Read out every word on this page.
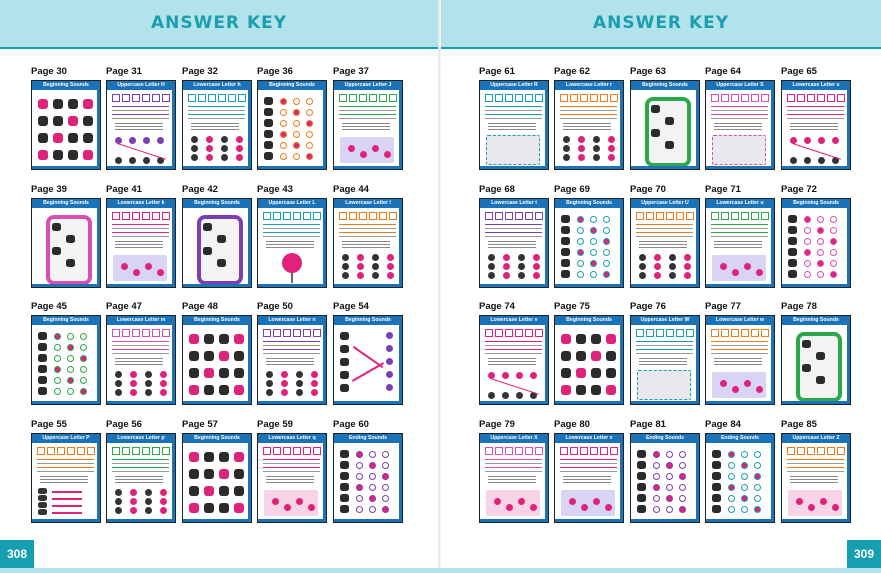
ANSWER KEY
Page 30
Beginning Sounds
Page 31
Uppercase Letter H
Page 32
Lowercase Letter h
Page 36
Beginning Sounds
Page 37
Uppercase Letter J
Page 39
Beginning Sounds
Page 41
Lowercase Letter k
Page 42
Beginning Sounds
Page 43
Uppercase Letter L
Page 44
Lowercase Letter l
Page 45
Beginning Sounds
Page 47
Lowercase Letter m
Page 48
Beginning Sounds
Page 50
Lowercase Letter n
Page 54
Beginning Sounds
Page 55
Uppercase Letter P
Page 56
Lowercase Letter p
Page 57
Beginning Sounds
Page 59
Lowercase Letter q
Page 60
Ending Sounds
308
ANSWER KEY
Page 61
Uppercase Letter R
Page 62
Lowercase Letter r
Page 63
Beginning Sounds
Page 64
Uppercase Letter S
Page 65
Lowercase Letter s
Page 68
Lowercase Letter t
Page 69
Beginning Sounds
Page 70
Uppercase Letter U
Page 71
Lowercase Letter u
Page 72
Beginning Sounds
Page 74
Lowercase Letter v
Page 75
Beginning Sounds
Page 76
Uppercase Letter W
Page 77
Lowercase Letter w
Page 78
Beginning Sounds
Page 79
Uppercase Letter X
Page 80
Lowercase Letter x
Page 81
Ending Sounds
Page 84
Ending Sounds
Page 85
Uppercase Letter Z
309
